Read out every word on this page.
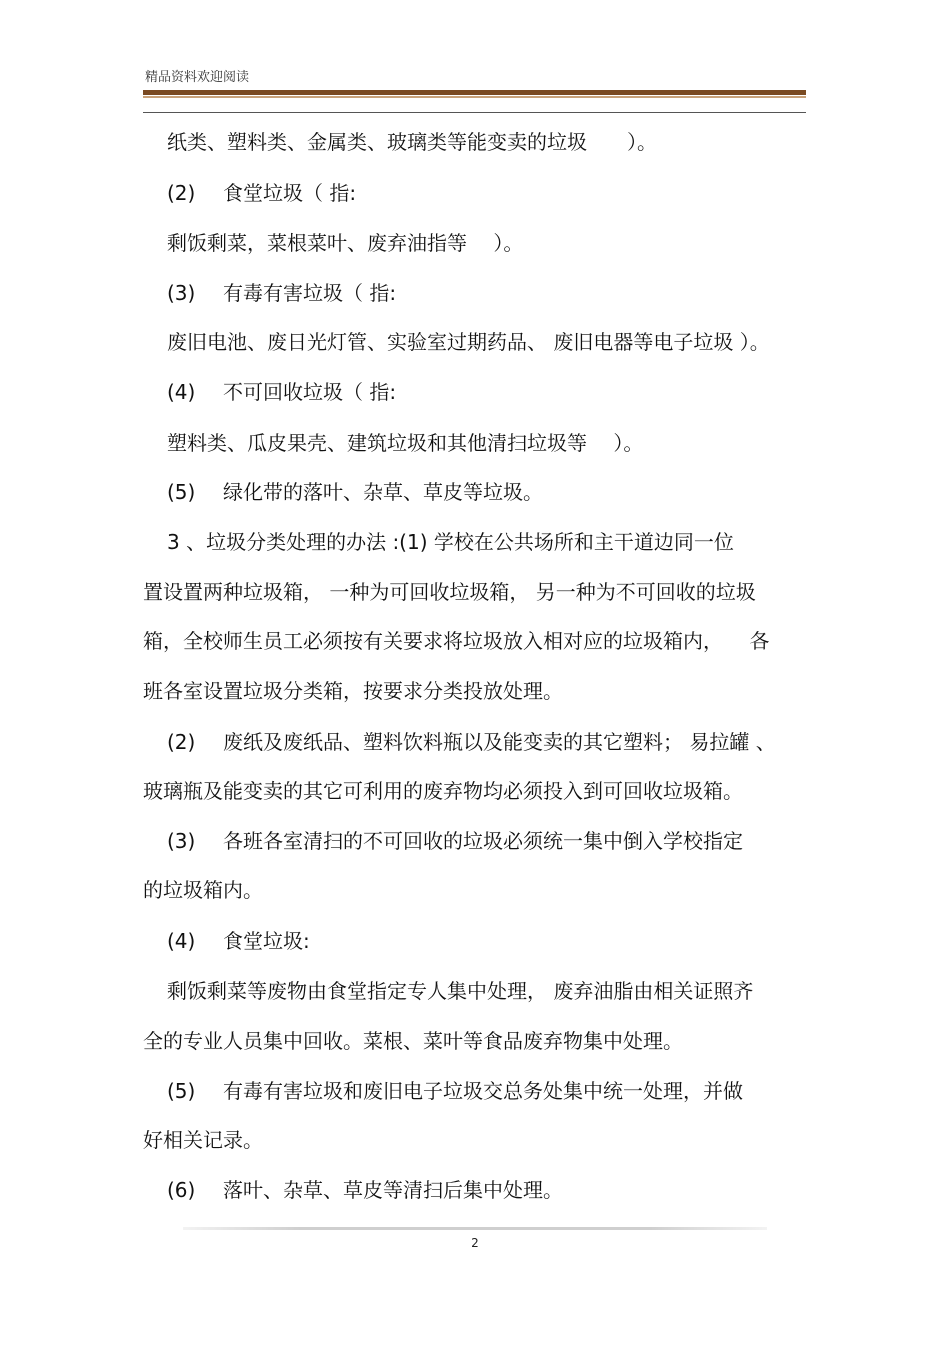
精品资料欢迎阅读
纸类、塑料类、金属类、玻璃类等能变卖的垃圾　　）。
(2) 食堂垃圾（ 指:
剩饭剩菜，菜根菜叶、废弃油指等　 ）。
(3) 有毒有害垃圾（ 指:
废旧电池、废日光灯管、实验室过期药品、 废旧电器等电子垃圾 ）。
(4) 不可回收垃圾（ 指:
塑料类、瓜皮果壳、建筑垃圾和其他清扫垃圾等　 ）。
(5) 绿化带的落叶、杂草、草皮等垃圾。
3 、垃圾分类处理的办法 :(1) 学校在公共场所和主干道边同一位
置设置两种垃圾箱， 一种为可回收垃圾箱， 另一种为不可回收的垃圾
箱，全校师生员工必须按有关要求将垃圾放入相对应的垃圾箱内， 　各
班各室设置垃圾分类箱，按要求分类投放处理。
(2) 废纸及废纸品、塑料饮料瓶以及能变卖的其它塑料； 易拉罐 、
玻璃瓶及能变卖的其它可利用的废弃物均必须投入到可回收垃圾箱。
(3) 各班各室清扫的不可回收的垃圾必须统一集中倒入学校指定
的垃圾箱内。
(4) 食堂垃圾:
剩饭剩菜等废物由食堂指定专人集中处理， 废弃油脂由相关证照齐
全的专业人员集中回收。菜根、菜叶等食品废弃物集中处理。
(5) 有毒有害垃圾和废旧电子垃圾交总务处集中统一处理，并做
好相关记录。
(6) 落叶、杂草、草皮等清扫后集中处理。
2
